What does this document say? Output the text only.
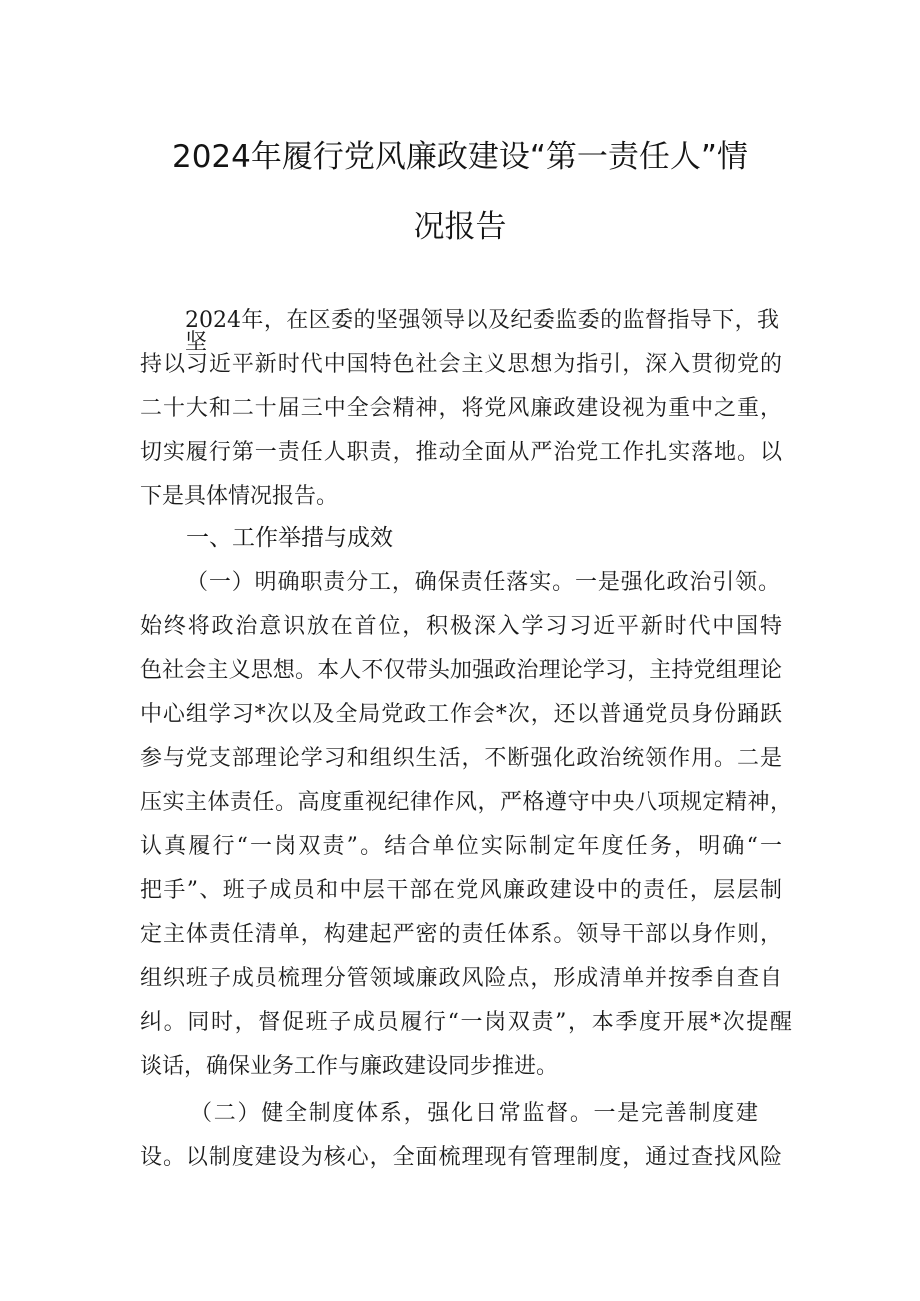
2024年履行党风廉政建设“第一责任人”情
况报告
2024年，在区委的坚强领导以及纪委监委的监督指导下，我坚
持以习近平新时代中国特色社会主义思想为指引，深入贯彻党的
二十大和二十届三中全会精神，将党风廉政建设视为重中之重，
切实履行第一责任人职责，推动全面从严治党工作扎实落地。以
下是具体情况报告。
一、工作举措与成效
（一）明确职责分工，确保责任落实。一是强化政治引领。
始终将政治意识放在首位，积极深入学习习近平新时代中国特
色社会主义思想。本人不仅带头加强政治理论学习，主持党组理论
中心组学习*次以及全局党政工作会*次，还以普通党员身份踊跃
参与党支部理论学习和组织生活，不断强化政治统领作用。二是
压实主体责任。高度重视纪律作风，严格遵守中央八项规定精神，
认真履行“一岗双责”。结合单位实际制定年度任务，明确“一
把手”、班子成员和中层干部在党风廉政建设中的责任，层层制
定主体责任清单，构建起严密的责任体系。领导干部以身作则，
组织班子成员梳理分管领域廉政风险点，形成清单并按季自查自
纠。同时，督促班子成员履行“一岗双责”，本季度开展*次提醒
谈话，确保业务工作与廉政建设同步推进。
（二）健全制度体系，强化日常监督。一是完善制度建
设。以制度建设为核心，全面梳理现有管理制度，通过查找风险
